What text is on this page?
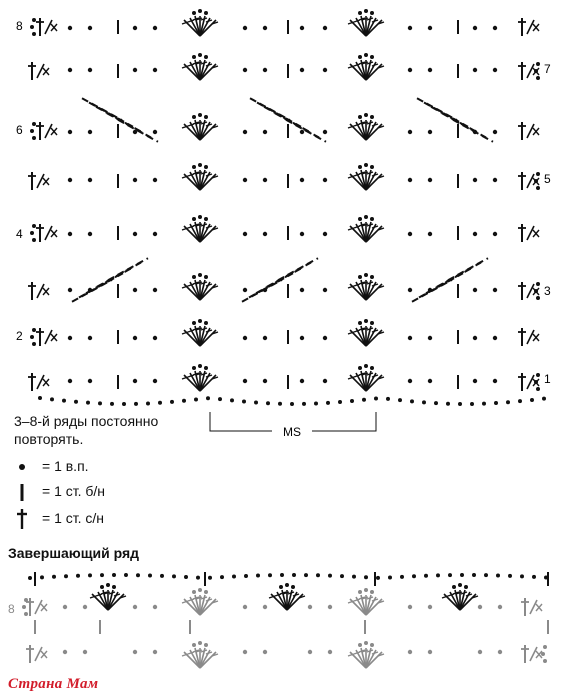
8
6
4
2
7
5
3
1
8
MS
3–8-й ряды постоянно
повторять.
= 1 в.п.
= 1 ст. б/н
= 1 ст. с/н
Завершающий ряд
Страна Мам
